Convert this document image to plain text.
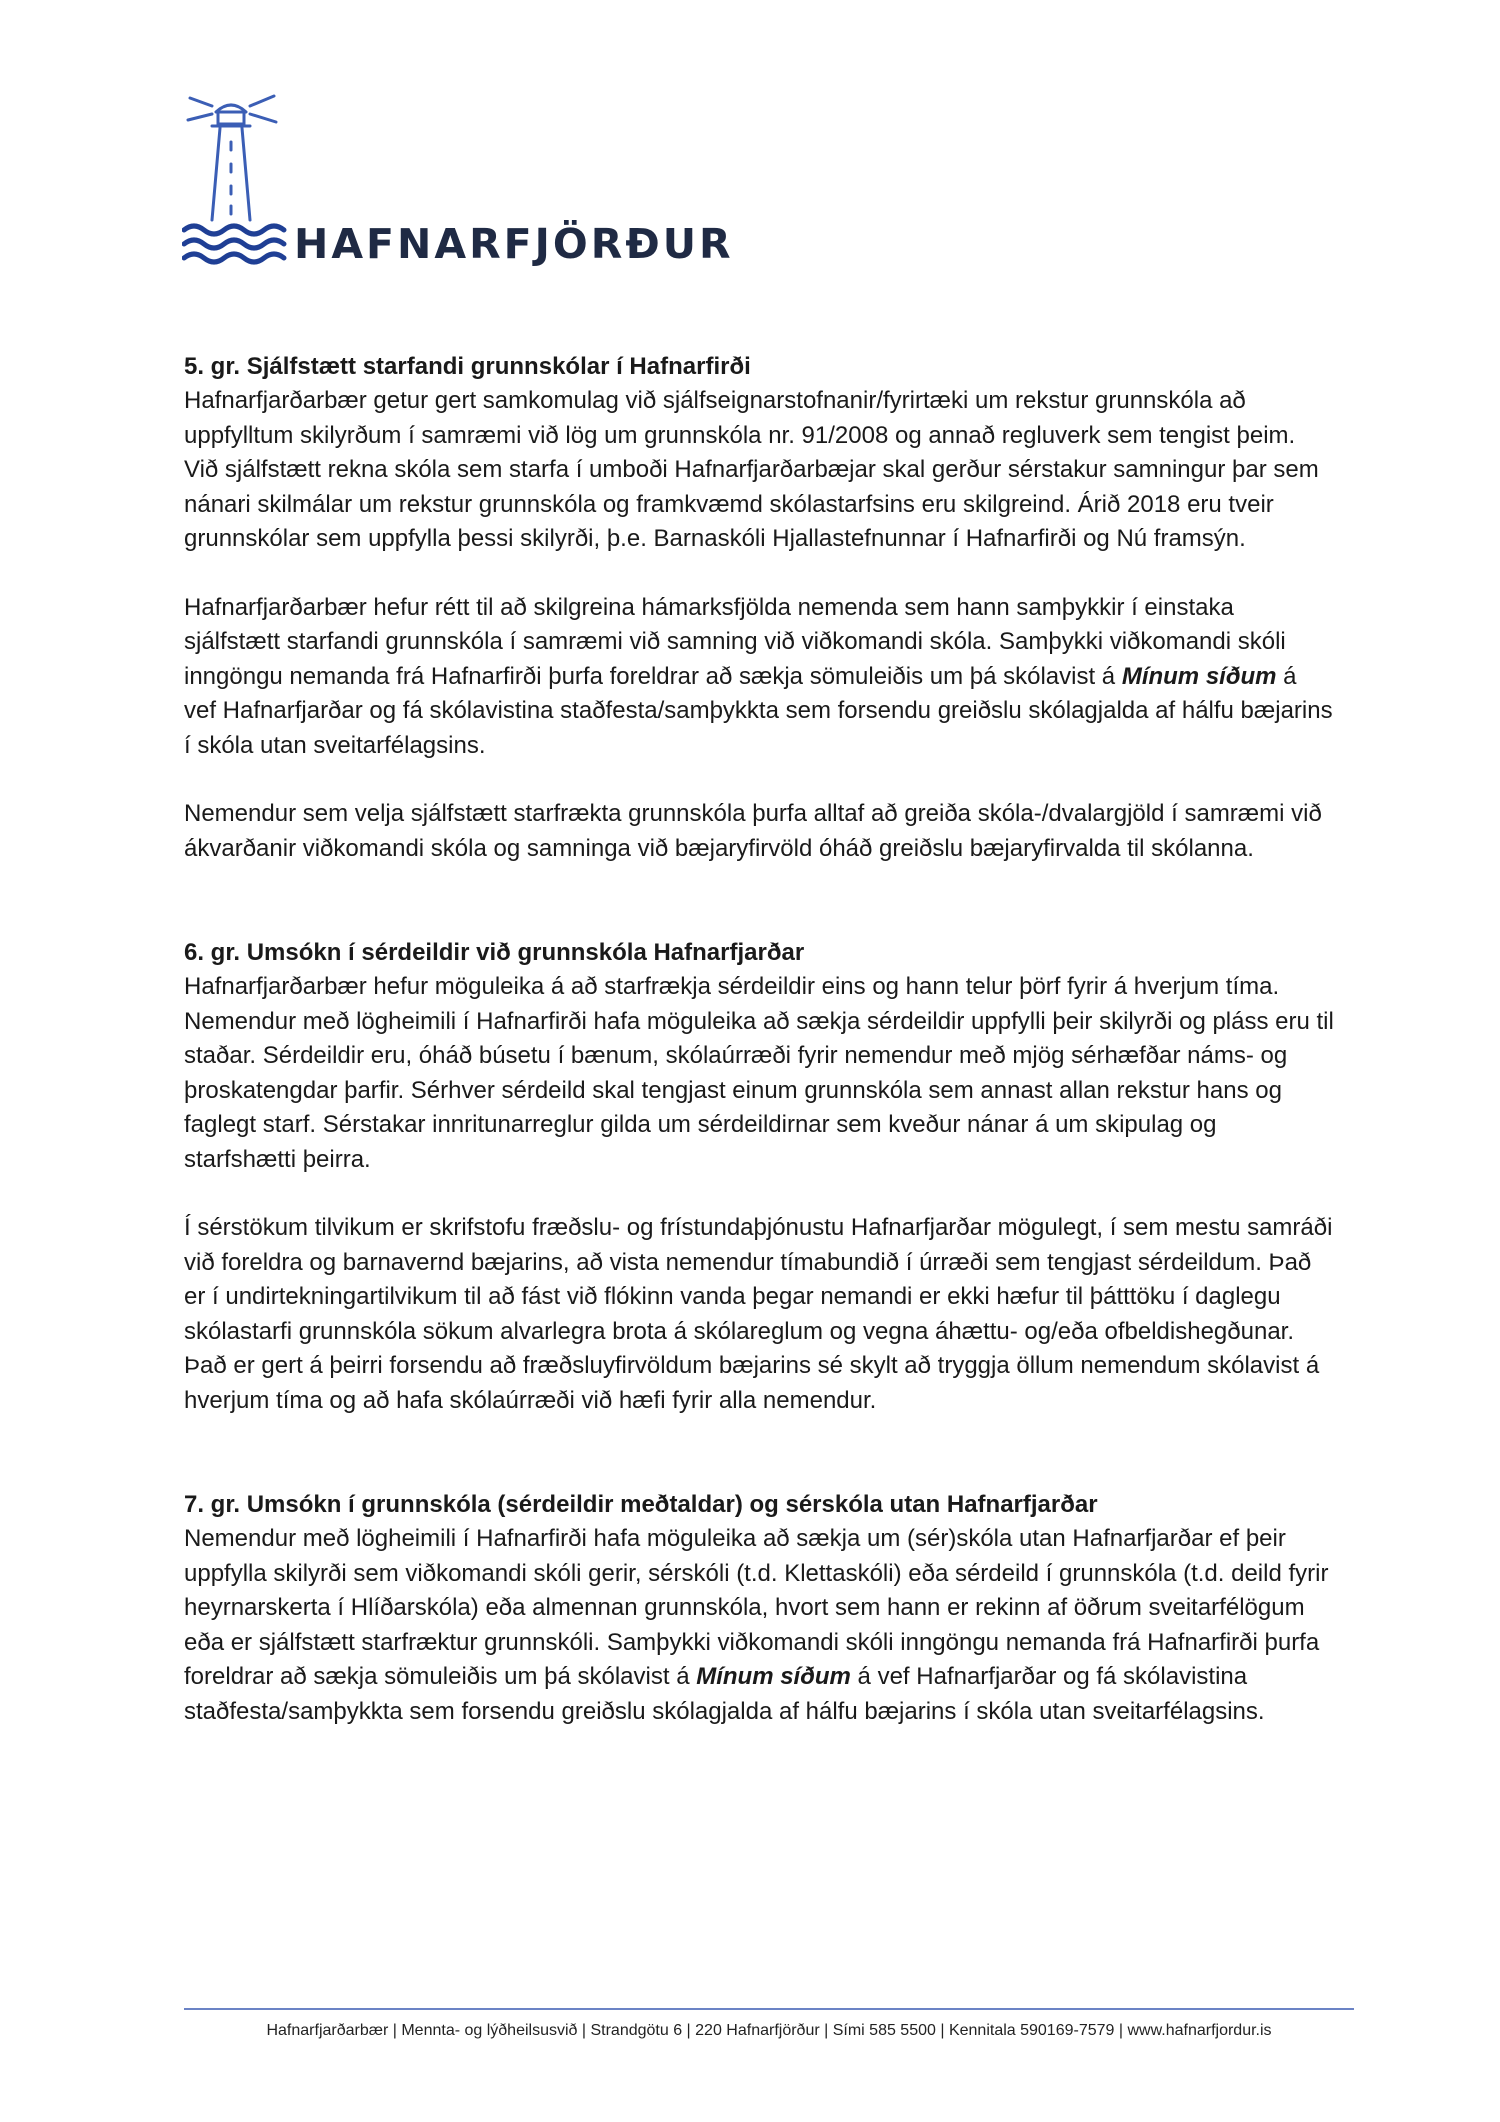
HAFNARFJÖRÐUR

5. gr. Sjálfstætt starfandi grunnskólar í Hafnarfirði

Hafnarfjarðarbær getur gert samkomulag við sjálfseignarstofnanir/fyrirtæki um rekstur grunnskóla að uppfylltum skilyrðum í samræmi við lög um grunnskóla nr. 91/2008 og annað regluverk sem tengist þeim. Við sjálfstætt rekna skóla sem starfa í umboði Hafnarfjarðarbæjar skal gerður sérstakur samningur þar sem nánari skilmálar um rekstur grunnskóla og framkvæmd skólastarfsins eru skilgreind. Árið 2018 eru tveir grunnskólar sem uppfylla þessi skilyrði, þ.e. Barnaskóli Hjallastefnunnar í Hafnarfirði og Nú framsýn.

Hafnarfjarðarbær hefur rétt til að skilgreina hámarksfjölda nemenda sem hann samþykkir í einstaka sjálfstætt starfandi grunnskóla í samræmi við samning við viðkomandi skóla. Samþykki viðkomandi skóli inngöngu nemanda frá Hafnarfirði þurfa foreldrar að sækja sömuleiðis um þá skólavist á Mínum síðum á vef Hafnarfjarðar og fá skólavistina staðfesta/samþykkta sem forsendu greiðslu skólagjalda af hálfu bæjarins í skóla utan sveitarfélagsins.

Nemendur sem velja sjálfstætt starfrækta grunnskóla þurfa alltaf að greiða skóla-/dvalargjöld í samræmi við ákvarðanir viðkomandi skóla og samninga við bæjaryfirvöld óháð greiðslu bæjaryfirvalda til skólanna.

6. gr. Umsókn í sérdeildir við grunnskóla Hafnarfjarðar

Hafnarfjarðarbær hefur möguleika á að starfrækja sérdeildir eins og hann telur þörf fyrir á hverjum tíma. Nemendur með lögheimili í Hafnarfirði hafa möguleika að sækja sérdeildir uppfylli þeir skilyrði og pláss eru til staðar. Sérdeildir eru, óháð búsetu í bænum, skólaúrræði fyrir nemendur með mjög sérhæfðar náms- og þroskatengdar þarfir. Sérhver sérdeild skal tengjast einum grunnskóla sem annast allan rekstur hans og faglegt starf. Sérstakar innritunarreglur gilda um sérdeildirnar sem kveður nánar á um skipulag og starfshætti þeirra.

Í sérstökum tilvikum er skrifstofu fræðslu- og frístundaþjónustu Hafnarfjarðar mögulegt, í sem mestu samráði við foreldra og barnavernd bæjarins, að vista nemendur tímabundið í úrræði sem tengjast sérdeildum. Það er í undirtekningartilvikum til að fást við flókinn vanda þegar nemandi er ekki hæfur til þátttöku í daglegu skólastarfi grunnskóla sökum alvarlegra brota á skólareglum og vegna áhættu- og/eða ofbeldishegðunar. Það er gert á þeirri forsendu að fræðsluyfirvöldum bæjarins sé skylt að tryggja öllum nemendum skólavist á hverjum tíma og að hafa skólaúrræði við hæfi fyrir alla nemendur.

7. gr. Umsókn í grunnskóla (sérdeildir meðtaldar) og sérskóla utan Hafnarfjarðar

Nemendur með lögheimili í Hafnarfirði hafa möguleika að sækja um (sér)skóla utan Hafnarfjarðar ef þeir uppfylla skilyrði sem viðkomandi skóli gerir, sérskóli (t.d. Klettaskóli) eða sérdeild í grunnskóla (t.d. deild fyrir heyrnarskerta í Hlíðarskóla) eða almennan grunnskóla, hvort sem hann er rekinn af öðrum sveitarfélögum eða er sjálfstætt starfræktur grunnskóli. Samþykki viðkomandi skóli inngöngu nemanda frá Hafnarfirði þurfa foreldrar að sækja sömuleiðis um þá skólavist á Mínum síðum á vef Hafnarfjarðar og fá skólavistina staðfesta/samþykkta sem forsendu greiðslu skólagjalda af hálfu bæjarins í skóla utan sveitarfélagsins.

Hafnarfjarðarbær | Mennta- og lýðheilsusvið | Strandgötu 6 | 220 Hafnarfjörður | Sími 585 5500 | Kennitala 590169-7579 | www.hafnarfjordur.is
